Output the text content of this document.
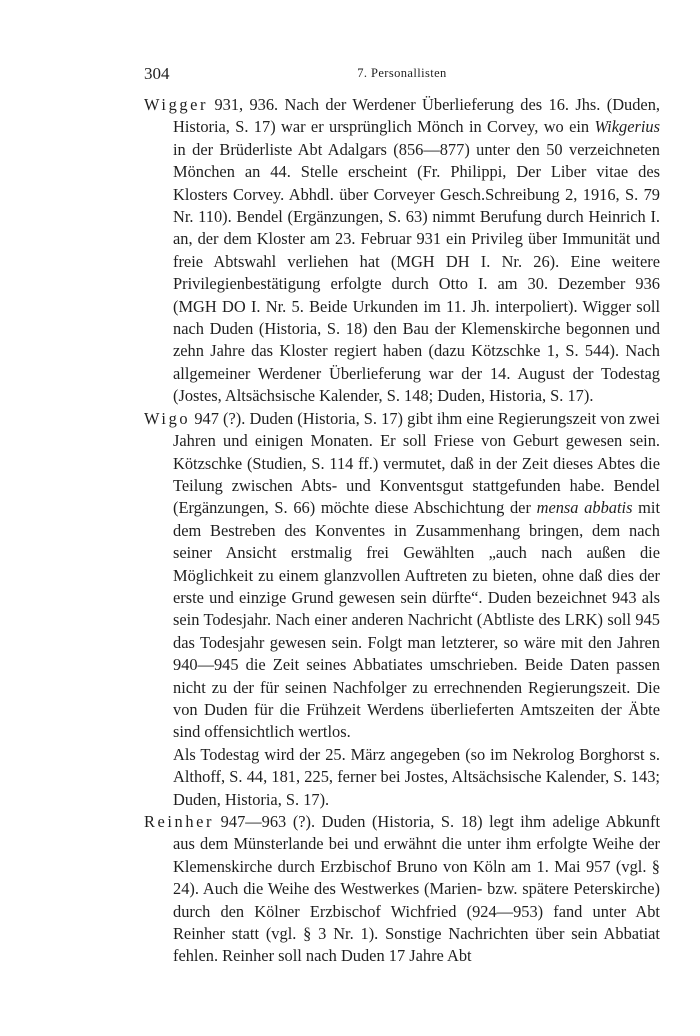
304	7. Personallisten

Wigger 931, 936. Nach der Werdener Überlieferung des 16. Jhs. (Duden, Historia, S. 17) war er ursprünglich Mönch in Corvey, wo ein Wikgerius in der Brüderliste Abt Adalgars (856—877) unter den 50 verzeichneten Mönchen an 44. Stelle erscheint (Fr. Philippi, Der Liber vitae des Klosters Corvey. Abhdl. über Corveyer Gesch.Schreibung 2, 1916, S. 79 Nr. 110). Bendel (Ergänzungen, S. 63) nimmt Berufung durch Heinrich I. an, der dem Kloster am 23. Februar 931 ein Privileg über Immunität und freie Abtswahl verliehen hat (MGH DH I. Nr. 26). Eine weitere Privilegienbestätigung erfolgte durch Otto I. am 30. Dezember 936 (MGH DO I. Nr. 5. Beide Urkunden im 11. Jh. interpoliert). Wigger soll nach Duden (Historia, S. 18) den Bau der Klemenskirche begonnen und zehn Jahre das Kloster regiert haben (dazu Kötzschke 1, S. 544). Nach allgemeiner Werdener Überlieferung war der 14. August der Todestag (Jostes, Altsächsische Kalender, S. 148; Duden, Historia, S. 17).

Wigo 947 (?). Duden (Historia, S. 17) gibt ihm eine Regierungszeit von zwei Jahren und einigen Monaten. Er soll Friese von Geburt gewesen sein. Kötzschke (Studien, S. 114 ff.) vermutet, daß in der Zeit dieses Abtes die Teilung zwischen Abts- und Konventsgut stattgefunden habe. Bendel (Ergänzungen, S. 66) möchte diese Abschichtung der mensa abbatis mit dem Bestreben des Konventes in Zusammenhang bringen, dem nach seiner Ansicht erstmalig frei Gewählten „auch nach außen die Möglichkeit zu einem glanzvollen Auftreten zu bieten, ohne daß dies der erste und einzige Grund gewesen sein dürfte“. Duden bezeichnet 943 als sein Todesjahr. Nach einer anderen Nachricht (Abtliste des LRK) soll 945 das Todesjahr gewesen sein. Folgt man letzterer, so wäre mit den Jahren 940—945 die Zeit seines Abbatiates umschrieben. Beide Daten passen nicht zu der für seinen Nachfolger zu errechnenden Regierungszeit. Die von Duden für die Frühzeit Werdens überlieferten Amtszeiten der Äbte sind offensichtlich wertlos.

Als Todestag wird der 25. März angegeben (so im Nekrolog Borghorst s. Althoff, S. 44, 181, 225, ferner bei Jostes, Altsächsische Kalender, S. 143; Duden, Historia, S. 17).

Reinher 947—963 (?). Duden (Historia, S. 18) legt ihm adelige Abkunft aus dem Münsterlande bei und erwähnt die unter ihm erfolgte Weihe der Klemenskirche durch Erzbischof Bruno von Köln am 1. Mai 957 (vgl. § 24). Auch die Weihe des Westwerkes (Marien- bzw. spätere Peterskirche) durch den Kölner Erzbischof Wichfried (924—953) fand unter Abt Reinher statt (vgl. § 3 Nr. 1). Sonstige Nachrichten über sein Abbatiat fehlen. Reinher soll nach Duden 17 Jahre Abt
